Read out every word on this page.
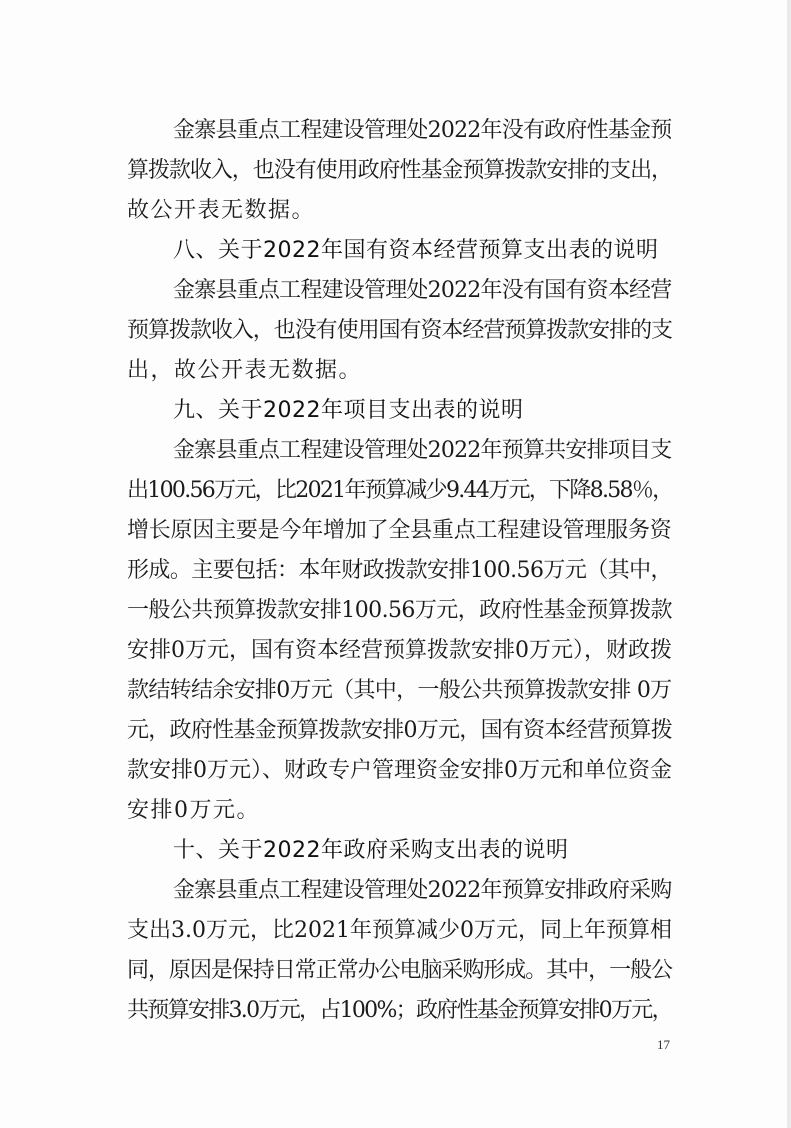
金寨县重点工程建设管理处2022年没有政府性基金预
算拨款收入，也没有使用政府性基金预算拨款安排的支出，
故公开表无数据。
八、关于2022年国有资本经营预算支出表的说明
金寨县重点工程建设管理处2022年没有国有资本经营
预算拨款收入，也没有使用国有资本经营预算拨款安排的支
出，故公开表无数据。
九、关于2022年项目支出表的说明
金寨县重点工程建设管理处2022年预算共安排项目支
出100.56万元，比2021年预算减少9.44万元，下降8.58％，
增长原因主要是今年增加了全县重点工程建设管理服务资
形成。主要包括：本年财政拨款安排100.56万元（其中，
一般公共预算拨款安排100.56万元，政府性基金预算拨款
安排0万元，国有资本经营预算拨款安排0万元），财政拨
款结转结余安排0万元（其中，一般公共预算拨款安排 0万
元，政府性基金预算拨款安排0万元，国有资本经营预算拨
款安排0万元）、财政专户管理资金安排0万元和单位资金
安排0万元。
十、关于2022年政府采购支出表的说明
金寨县重点工程建设管理处2022年预算安排政府采购
支出3.0万元，比2021年预算减少0万元，同上年预算相
同，原因是保持日常正常办公电脑采购形成。其中，一般公
共预算安排3.0万元，占100%；政府性基金预算安排0万元，
17
